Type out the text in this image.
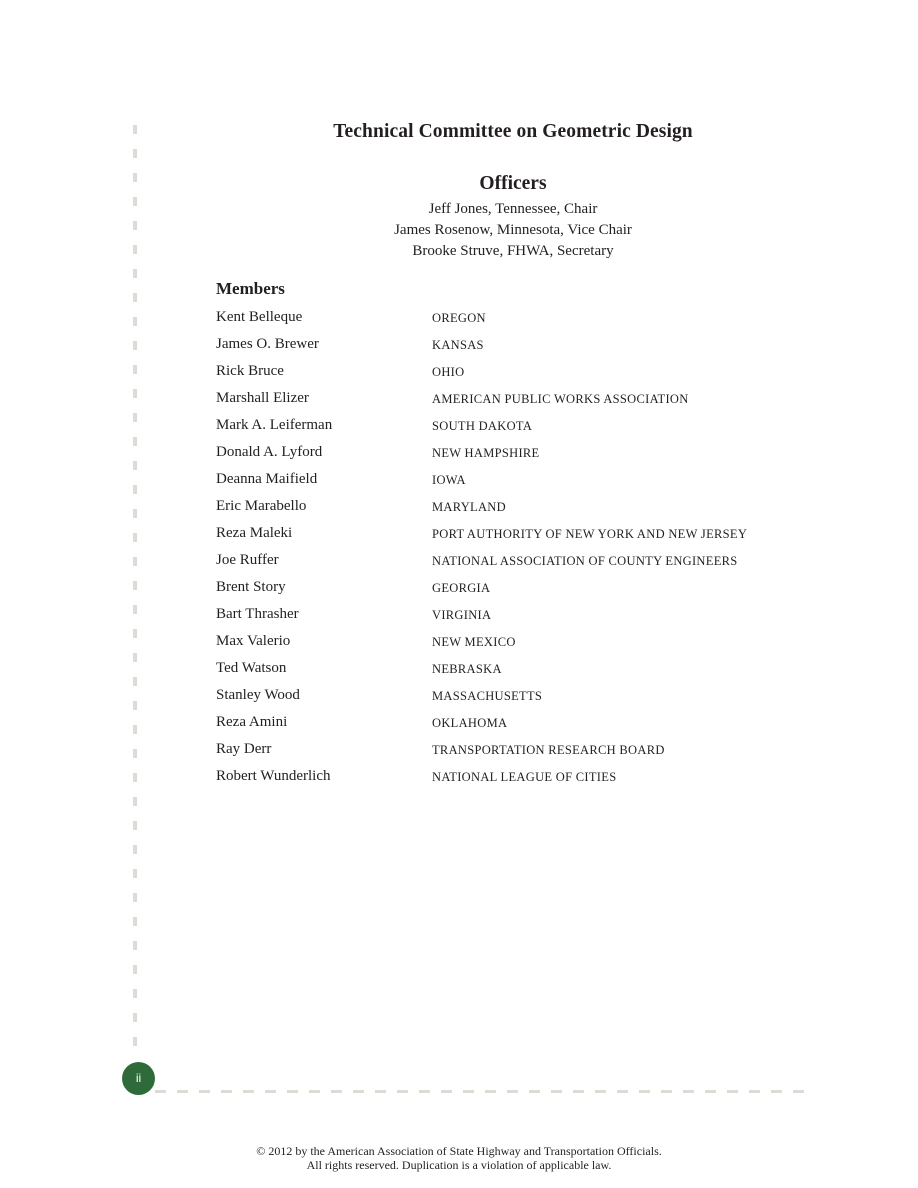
Technical Committee on Geometric Design
Officers
Jeff Jones, Tennessee, Chair
James Rosenow, Minnesota, Vice Chair
Brooke Struve, FHWA, Secretary
Members
Kent Belleque	OREGON
James O. Brewer	KANSAS
Rick Bruce	OHIO
Marshall Elizer	AMERICAN PUBLIC WORKS ASSOCIATION
Mark A. Leiferman	SOUTH DAKOTA
Donald A. Lyford	NEW HAMPSHIRE
Deanna Maifield	IOWA
Eric Marabello	MARYLAND
Reza Maleki	PORT AUTHORITY OF NEW YORK AND NEW JERSEY
Joe Ruffer	NATIONAL ASSOCIATION OF COUNTY ENGINEERS
Brent Story	GEORGIA
Bart Thrasher	VIRGINIA
Max Valerio	NEW MEXICO
Ted Watson	NEBRASKA
Stanley Wood	MASSACHUSETTS
Reza Amini	OKLAHOMA
Ray Derr	TRANSPORTATION RESEARCH BOARD
Robert Wunderlich	NATIONAL LEAGUE OF CITIES
ii
© 2012 by the American Association of State Highway and Transportation Officials.
All rights reserved. Duplication is a violation of applicable law.
